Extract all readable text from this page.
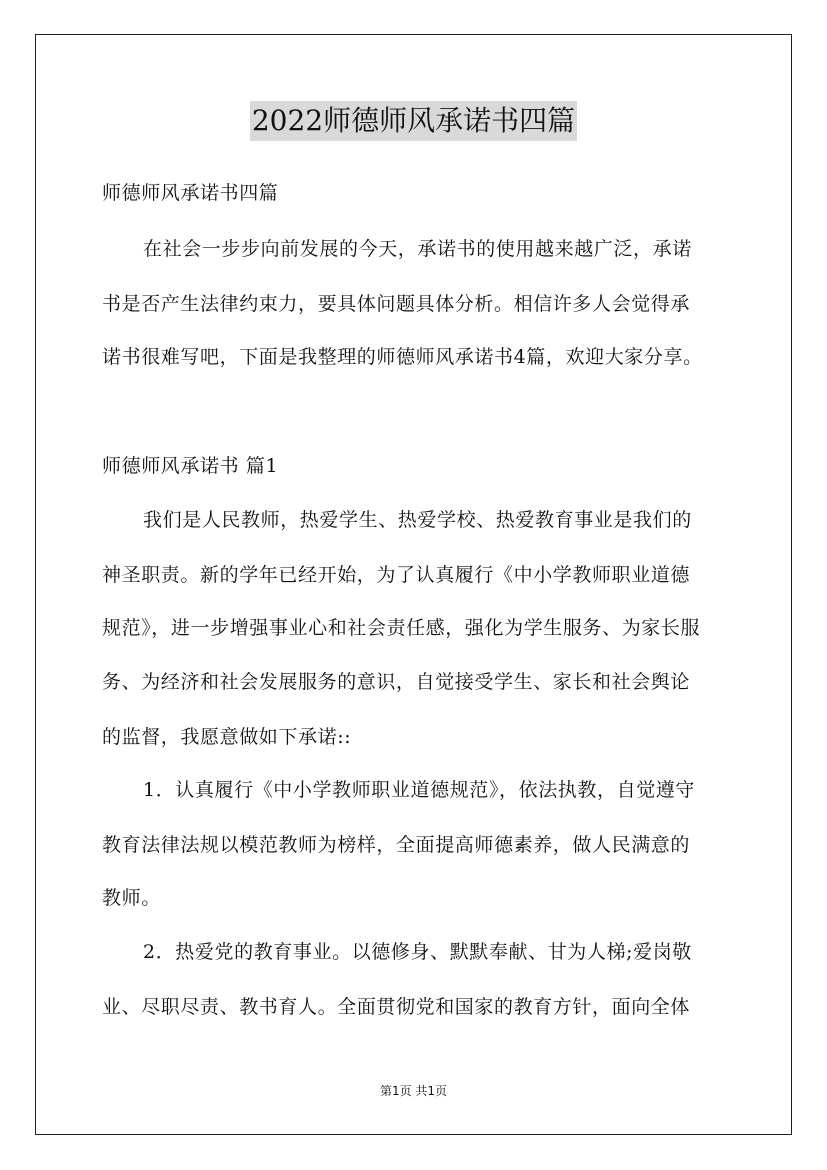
2022师德师风承诺书四篇
师德师风承诺书四篇
在社会一步步向前发展的今天，承诺书的使用越来越广泛，承诺
书是否产生法律约束力，要具体问题具体分析。相信许多人会觉得承
诺书很难写吧，下面是我整理的师德师风承诺书4篇，欢迎大家分享。
师德师风承诺书 篇1
我们是人民教师，热爱学生、热爱学校、热爱教育事业是我们的
神圣职责。新的学年已经开始，为了认真履行《中小学教师职业道德
规范》，进一步增强事业心和社会责任感，强化为学生服务、为家长服
务、为经济和社会发展服务的意识，自觉接受学生、家长和社会舆论
的监督，我愿意做如下承诺::
1．认真履行《中小学教师职业道德规范》，依法执教，自觉遵守
教育法律法规以模范教师为榜样，全面提高师德素养，做人民满意的
教师。
2．热爱党的教育事业。以德修身、默默奉献、甘为人梯;爱岗敬
业、尽职尽责、教书育人。全面贯彻党和国家的教育方针，面向全体
第1页 共1页
